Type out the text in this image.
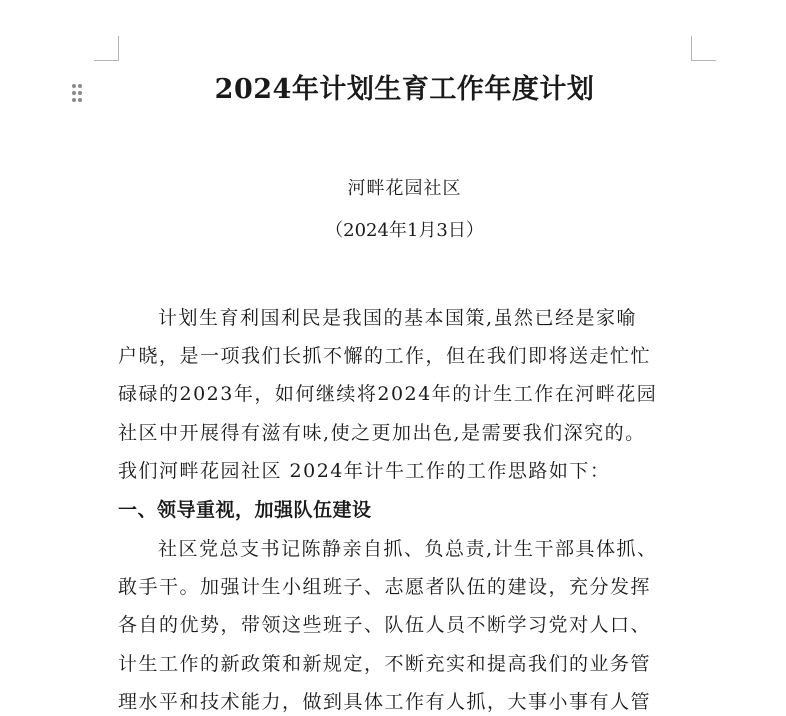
2024年计划生育工作年度计划
河畔花园社区
（2024年1月3日）
计划生育利国利民是我国的基本国策,虽然已经是家喻
户晓，是一项我们长抓不懈的工作，但在我们即将送走忙忙
碌碌的2023年，如何继续将2024年的计生工作在河畔花园
社区中开展得有滋有味,使之更加出色,是需要我们深究的。
我们河畔花园社区 2024年计牛工作的工作思路如下：
一、领导重视，加强队伍建设
社区党总支书记陈静亲自抓、负总责,计生干部具体抓、
敢手干。加强计生小组班子、志愿者队伍的建设，充分发挥
各自的优势，带领这些班子、队伍人员不断学习党对人口、
计生工作的新政策和新规定，不断充实和提高我们的业务管
理水平和技术能力，做到具体工作有人抓，大事小事有人管
